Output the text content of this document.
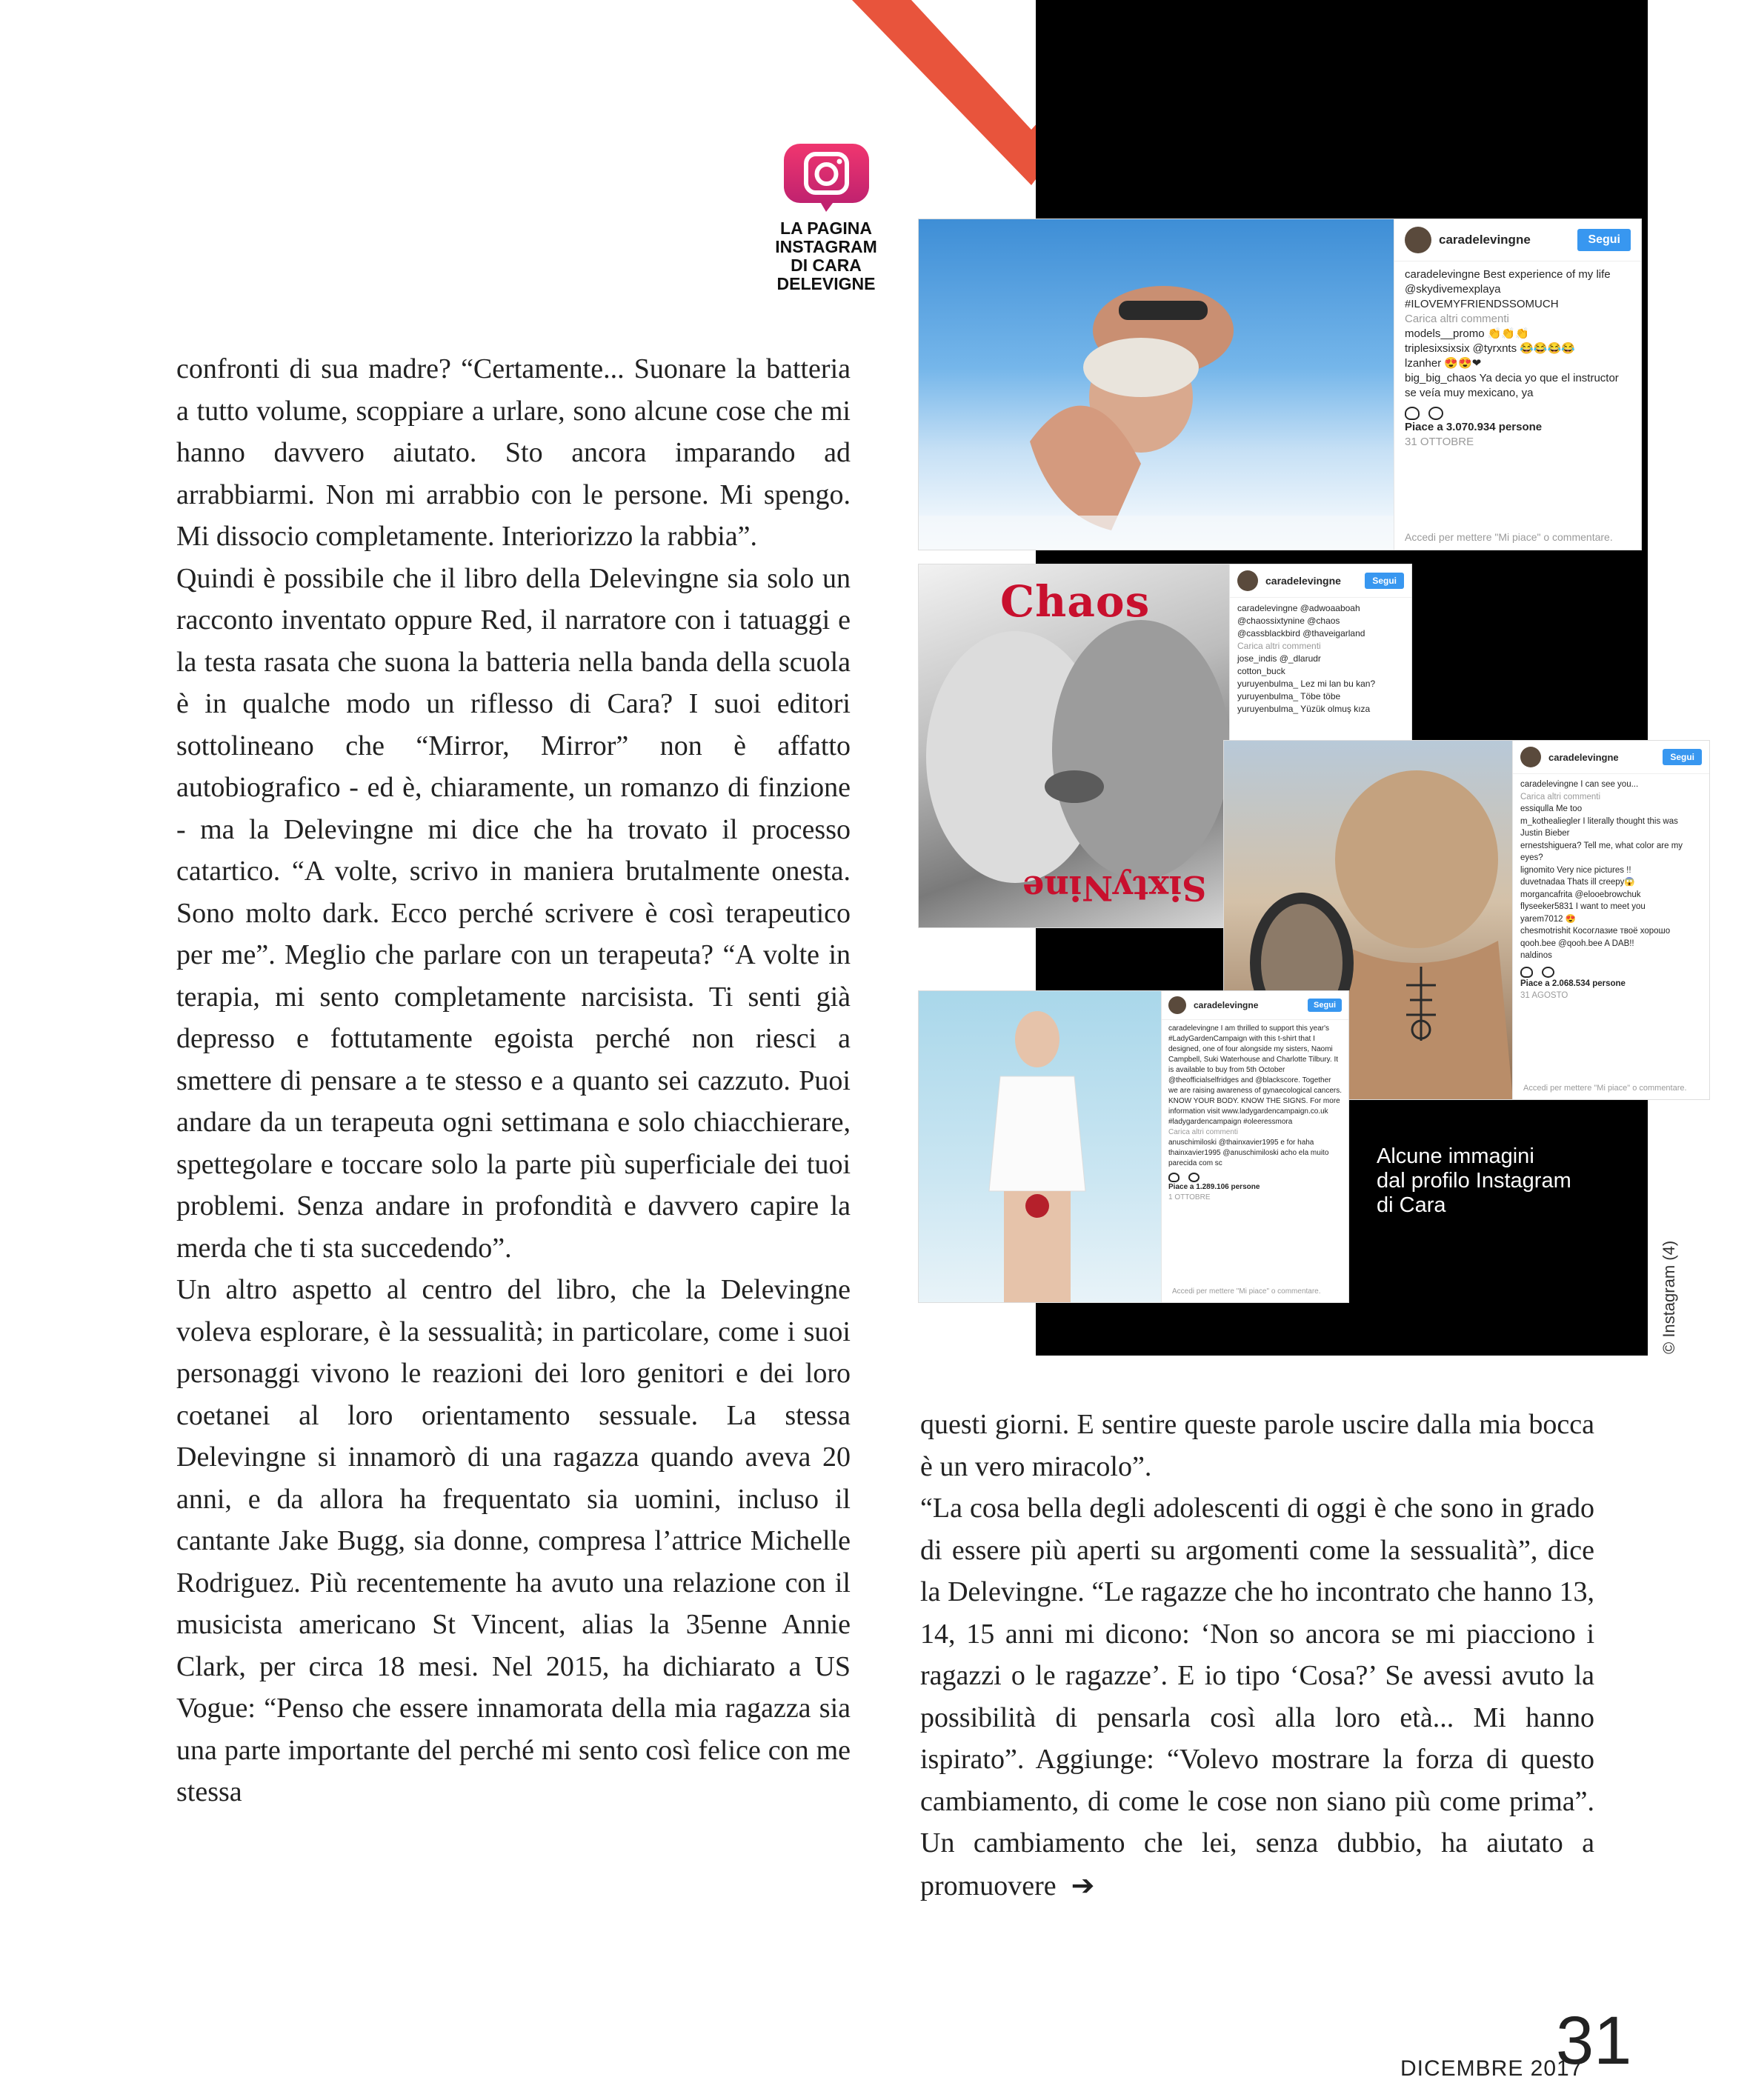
LA PAGINA
INSTAGRAM
DI CARA
DELEVIGNE

confronti di sua madre? “Certamente... Suonare la batteria a tutto volume, scoppiare a urlare, sono alcune cose che mi hanno davvero aiutato. Sto ancora imparando ad arrabbiarmi. Non mi arrabbio con le persone. Mi spengo. Mi dissocio completamente. Interiorizzo la rabbia”.

Quindi è possibile che il libro della Delevingne sia solo un racconto inventato oppure Red, il narratore con i tatuaggi e la testa rasata che suona la batteria nella banda della scuola è in qualche modo un riflesso di Cara? I suoi editori sottolineano che “Mirror, Mirror” non è affatto autobiografico - ed è, chiaramente, un romanzo di finzione - ma la Delevingne mi dice che ha trovato il processo catartico. “A volte, scrivo in maniera brutalmente onesta. Sono molto dark. Ecco perché scrivere è così terapeutico per me”. Meglio che parlare con un terapeuta? “A volte in terapia, mi sento completamente narcisista. Ti senti già depresso e fottutamente egoista perché non riesci a smettere di pensare a te stesso e a quanto sei cazzuto. Puoi andare da un terapeuta ogni settimana e solo chiacchierare, spettegolare e toccare solo la parte più superficiale dei tuoi problemi. Senza andare in profondità e davvero capire la merda che ti sta succedendo”.

Un altro aspetto al centro del libro, che la Delevingne voleva esplorare, è la sessualità; in particolare, come i suoi personaggi vivono le reazioni dei loro genitori e dei loro coetanei al loro orientamento sessuale. La stessa Delevingne si innamorò di una ragazza quando aveva 20 anni, e da allora ha frequentato sia uomini, incluso il cantante Jake Bugg, sia donne, compresa l’attrice Michelle Rodriguez. Più recentemente ha avuto una relazione con il musicista americano St Vincent, alias la 35enne Annie Clark, per circa 18 mesi. Nel 2015, ha dichiarato a US Vogue: “Penso che essere innamorata della mia ragazza sia una parte importante del perché mi sento così felice con me stessa

questi giorni. E sentire queste parole uscire dalla mia bocca è un vero miracolo”.

“La cosa bella degli adolescenti di oggi è che sono in grado di essere più aperti su argomenti come la sessualità”, dice la Delevingne. “Le ragazze che ho incontrato che hanno 13, 14, 15 anni mi dicono: ‘Non so ancora se mi piacciono i ragazzi o le ragazze’. E io tipo ‘Cosa?’ Se avessi avuto la possibilità di pensarla così alla loro età... Mi hanno ispirato”. Aggiunge: “Volevo mostrare la forza di questo cambiamento, di come le cose non siano più come prima”. Un cambiamento che lei, senza dubbio, ha aiutato a promuovere ➔

caradelevingne	Segui
caradelevingne Best experience of my life @skydivemexplaya #ILOVEMYFRIENDSSOMUCH
Carica altri commenti
models__promo 👏👏👏
triplesixsixsix @tyrxnts 😂😂😂😂
lzanher 😍😍❤
big_big_chaos Ya decia yo que el instructor se veía muy mexicano, ya
Piace a 3.070.934 persone
31 OTTOBRE
Accedi per mettere "Mi piace" o commentare.
Chaos
SixtyNine
caradelevingne	Segui
caradelevingne @adwoaaboah @chaossixtynine @chaos @cassblackbird @thaveigarland
Carica altri commenti
jose_indis @_dlarudr
cotton_buck
yuruyenbulma_ Lez mi lan bu kan?
yuruyenbulma_ Töbe töbe
yuruyenbulma_ Yüzük olmuş kıza
caradelevingne	Segui
caradelevingne I can see you...
Carica altri commenti
essiqulla Me too
m_kothealiegler I literally thought this was Justin Bieber
ernestshiguera? Tell me, what color are my eyes?
lignomito Very nice pictures !!
duvetnadaa Thats ill creepy😱
morgancafrita @elooebrowchuk
flyseeker5831 I want to meet you
yarem7012 😍
chesmotrishit Косоглазие твоё хорошо
qooh.bee @qooh.bee A DAB!!
naldinos
Piace a 2.068.534 persone
31 AGOSTO
Accedi per mettere "Mi piace" o commentare.
caradelevingne	Segui
caradelevingne I am thrilled to support this year's #LadyGardenCampaign with this t-shirt that I designed, one of four alongside my sisters, Naomi Campbell, Suki Waterhouse and Charlotte Tilbury. It is available to buy from 5th October @theofficialselfridges and @blackscore. Together we are raising awareness of gynaecological cancers. KNOW YOUR BODY. KNOW THE SIGNS. For more information visit www.ladygardencampaign.co.uk #ladygardencampaign #oleeressmora
Carica altri commenti
anuschimiloski @thainxavier1995 e for haha
thainxavier1995 @anuschimiloski acho ela muito parecida com sc
Piace a 1.289.106 persone
1 OTTOBRE
Accedi per mettere "Mi piace" o commentare.
Alcune immagini
dal profilo Instagram
di Cara
© Instagram (4)
DICEMBRE 2017
31
